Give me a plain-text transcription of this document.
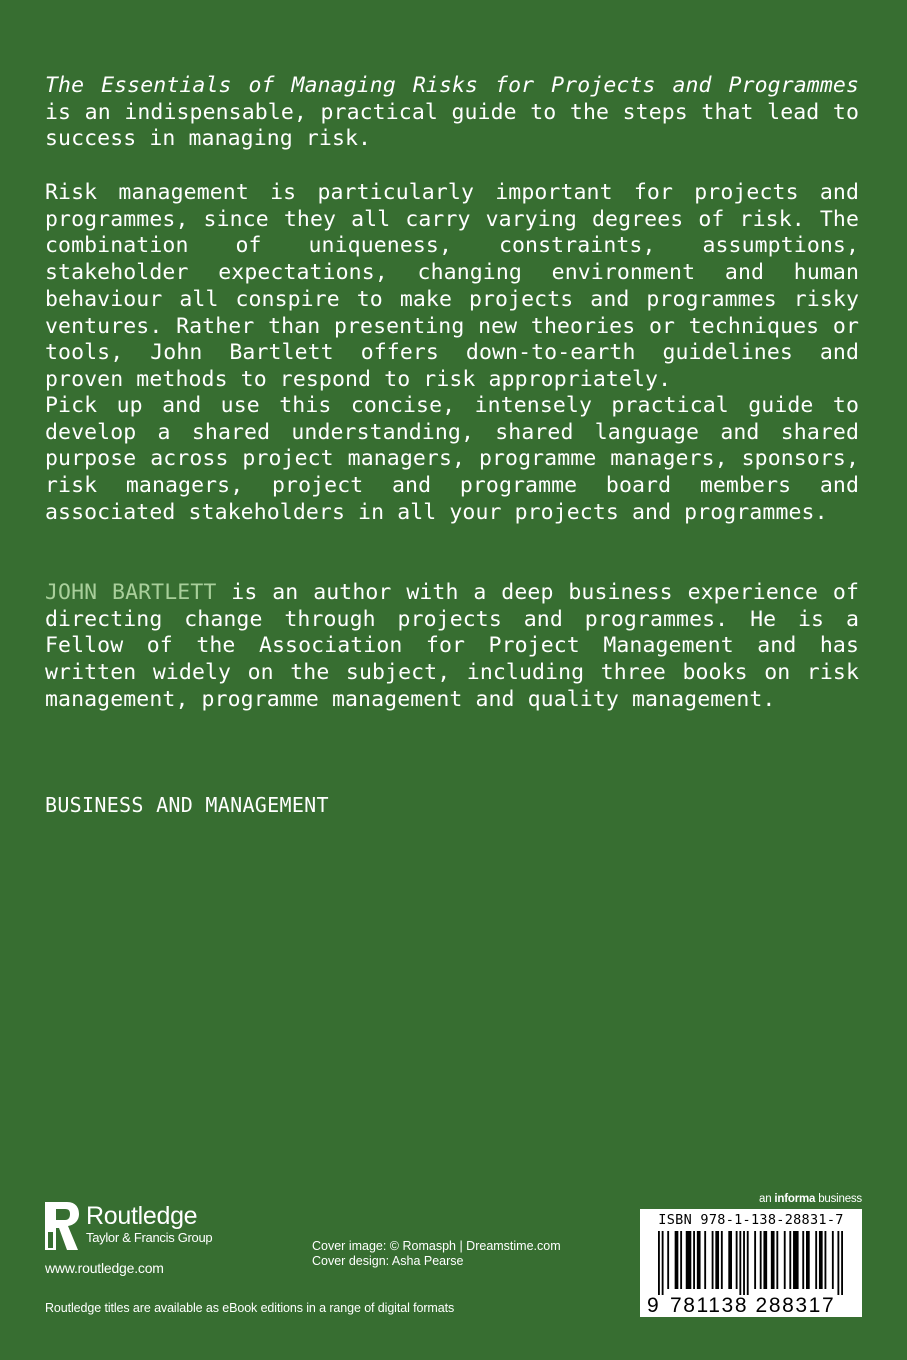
The Essentials of Managing Risks for Projects and Programmes is an indispensable, practical guide to the steps that lead to success in managing risk.

Risk management is particularly important for projects and programmes, since they all carry varying degrees of risk. The combination of uniqueness, constraints, assumptions, stakeholder expectations, changing environment and human behaviour all conspire to make projects and programmes risky ventures. Rather than presenting new theories or techniques or tools, John Bartlett offers down-to-earth guidelines and proven methods to respond to risk appropriately.

Pick up and use this concise, intensely practical guide to develop a shared understanding, shared language and shared purpose across project managers, programme managers, sponsors, risk managers, project and programme board members and associated stakeholders in all your projects and programmes.

JOHN BARTLETT is an author with a deep business experience of directing change through projects and programmes. He is a Fellow of the Association for Project Management and has written widely on the subject, including three books on risk management, programme management and quality management.

BUSINESS AND MANAGEMENT
Routledge
Taylor & Francis Group
www.routledge.com
Cover image: © Romasph | Dreamstime.com
Cover design: Asha Pearse
Routledge titles are available as eBook editions in a range of digital formats
an informa business
ISBN 978-1-138-28831-7
9 781138 288317
